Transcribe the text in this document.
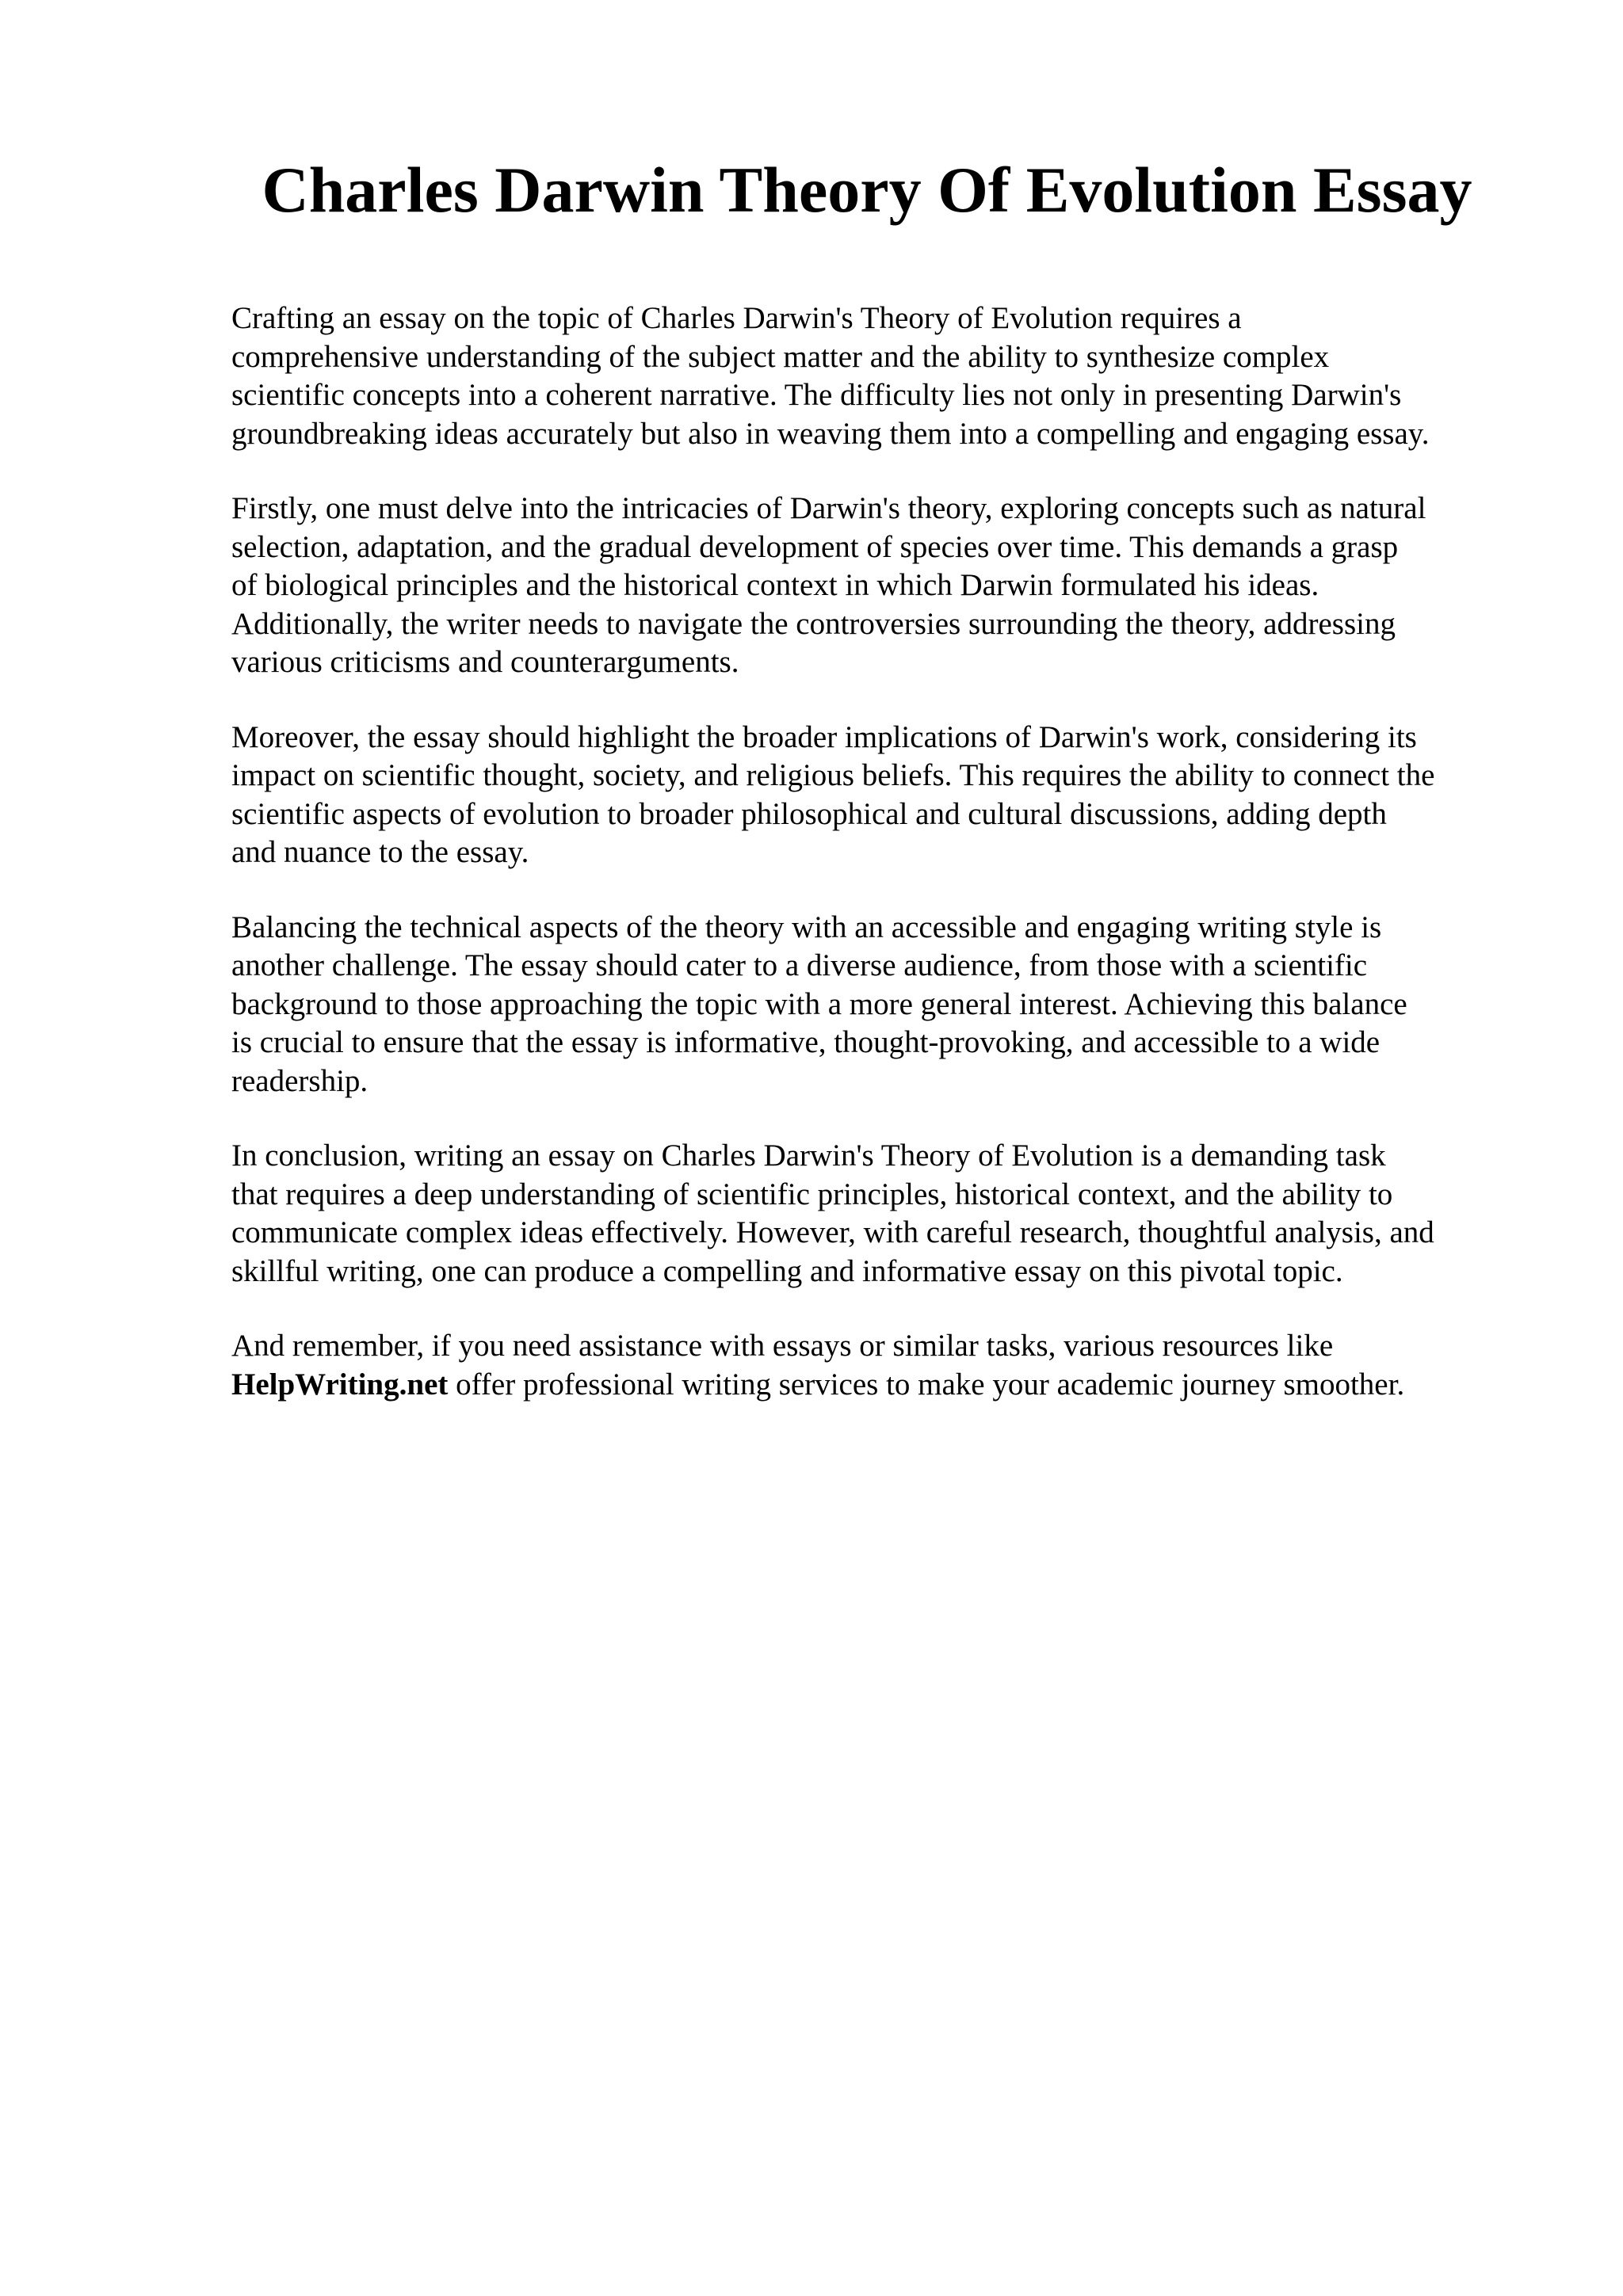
Charles Darwin Theory Of Evolution Essay

Crafting an essay on the topic of Charles Darwin's Theory of Evolution requires a
comprehensive understanding of the subject matter and the ability to synthesize complex
scientific concepts into a coherent narrative. The difficulty lies not only in presenting Darwin's
groundbreaking ideas accurately but also in weaving them into a compelling and engaging essay.

Firstly, one must delve into the intricacies of Darwin's theory, exploring concepts such as natural
selection, adaptation, and the gradual development of species over time. This demands a grasp
of biological principles and the historical context in which Darwin formulated his ideas.
Additionally, the writer needs to navigate the controversies surrounding the theory, addressing
various criticisms and counterarguments.

Moreover, the essay should highlight the broader implications of Darwin's work, considering its
impact on scientific thought, society, and religious beliefs. This requires the ability to connect the
scientific aspects of evolution to broader philosophical and cultural discussions, adding depth
and nuance to the essay.

Balancing the technical aspects of the theory with an accessible and engaging writing style is
another challenge. The essay should cater to a diverse audience, from those with a scientific
background to those approaching the topic with a more general interest. Achieving this balance
is crucial to ensure that the essay is informative, thought-provoking, and accessible to a wide
readership.

In conclusion, writing an essay on Charles Darwin's Theory of Evolution is a demanding task
that requires a deep understanding of scientific principles, historical context, and the ability to
communicate complex ideas effectively. However, with careful research, thoughtful analysis, and
skillful writing, one can produce a compelling and informative essay on this pivotal topic.

And remember, if you need assistance with essays or similar tasks, various resources like
HelpWriting.net offer professional writing services to make your academic journey smoother.
